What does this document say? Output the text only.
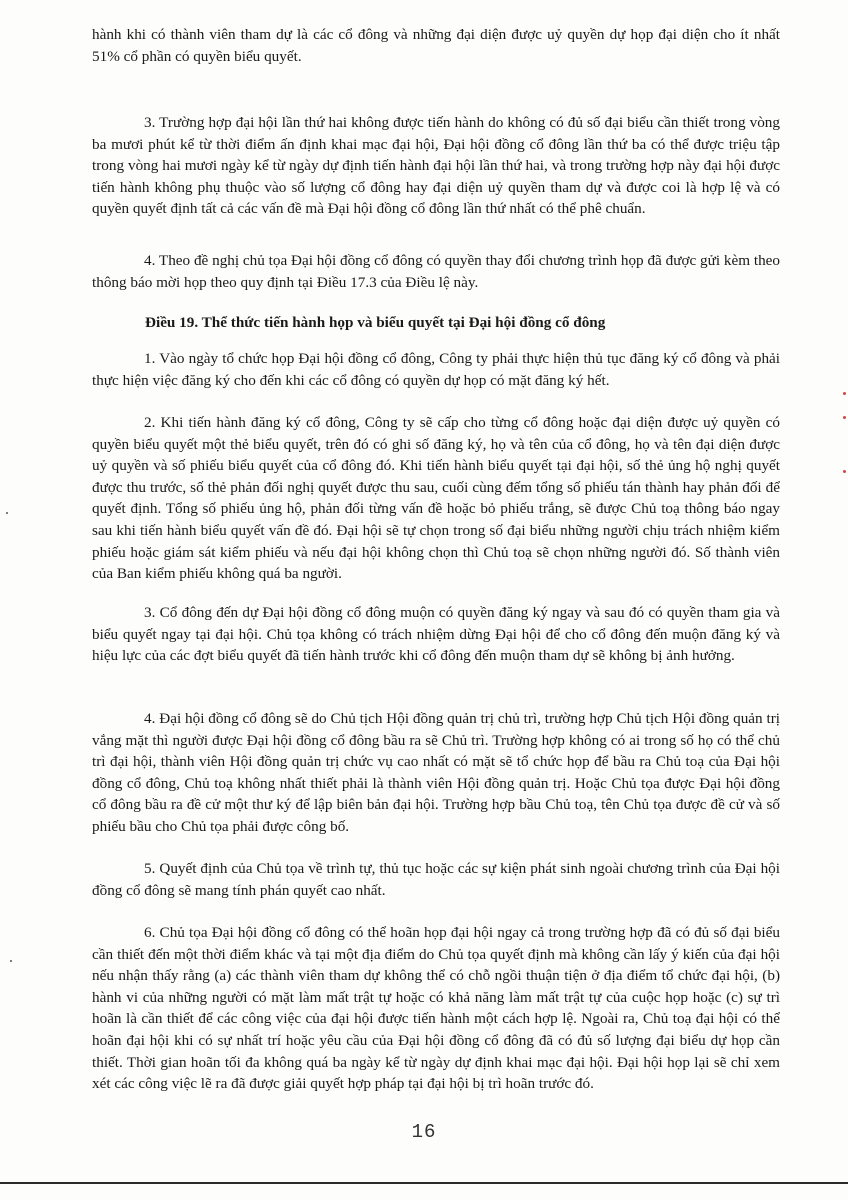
hành khi có thành viên tham dự là các cổ đông và những đại diện được uỷ quyền dự họp đại diện cho ít nhất 51% cổ phần có quyền biểu quyết.

3. Trường hợp đại hội lần thứ hai không được tiến hành do không có đủ số đại biểu cần thiết trong vòng ba mươi phút kể từ thời điểm ấn định khai mạc đại hội, Đại hội đồng cổ đông lần thứ ba có thể được triệu tập trong vòng hai mươi ngày kể từ ngày dự định tiến hành đại hội lần thứ hai, và trong trường hợp này đại hội được tiến hành không phụ thuộc vào số lượng cổ đông hay đại diện uỷ quyền tham dự và được coi là hợp lệ và có quyền quyết định tất cả các vấn đề mà Đại hội đồng cổ đông lần thứ nhất có thể phê chuẩn.

4. Theo đề nghị chủ tọa Đại hội đồng cổ đông có quyền thay đổi chương trình họp đã được gửi kèm theo thông báo mời họp theo quy định tại Điều 17.3 của Điều lệ này.

Điều 19. Thể thức tiến hành họp và biểu quyết tại Đại hội đồng cổ đông

1. Vào ngày tổ chức họp Đại hội đồng cổ đông, Công ty phải thực hiện thủ tục đăng ký cổ đông và phải thực hiện việc đăng ký cho đến khi các cổ đông có quyền dự họp có mặt đăng ký hết.

2. Khi tiến hành đăng ký cổ đông, Công ty sẽ cấp cho từng cổ đông hoặc đại diện được uỷ quyền có quyền biểu quyết một thẻ biểu quyết, trên đó có ghi số đăng ký, họ và tên của cổ đông, họ và tên đại diện được uỷ quyền và số phiếu biểu quyết của cổ đông đó. Khi tiến hành biểu quyết tại đại hội, số thẻ ủng hộ nghị quyết được thu trước, số thẻ phản đối nghị quyết được thu sau, cuối cùng đếm tổng số phiếu tán thành hay phản đối để quyết định. Tổng số phiếu ủng hộ, phản đối từng vấn đề hoặc bỏ phiếu trắng, sẽ được Chủ toạ thông báo ngay sau khi tiến hành biểu quyết vấn đề đó. Đại hội sẽ tự chọn trong số đại biểu những người chịu trách nhiệm kiểm phiếu hoặc giám sát kiểm phiếu và nếu đại hội không chọn thì Chủ toạ sẽ chọn những người đó. Số thành viên của Ban kiểm phiếu không quá ba người.

3. Cổ đông đến dự Đại hội đồng cổ đông muộn có quyền đăng ký ngay và sau đó có quyền tham gia và biểu quyết ngay tại đại hội. Chủ tọa không có trách nhiệm dừng Đại hội để cho cổ đông đến muộn đăng ký và hiệu lực của các đợt biểu quyết đã tiến hành trước khi cổ đông đến muộn tham dự sẽ không bị ảnh hưởng.

4. Đại hội đồng cổ đông sẽ do Chủ tịch Hội đồng quản trị chủ trì, trường hợp Chủ tịch Hội đồng quản trị vắng mặt thì người được Đại hội đồng cổ đông bầu ra sẽ Chủ trì. Trường hợp không có ai trong số họ có thể chủ trì đại hội, thành viên Hội đồng quản trị chức vụ cao nhất có mặt sẽ tổ chức họp để bầu ra Chủ toạ của Đại hội đồng cổ đông, Chủ toạ không nhất thiết phải là thành viên Hội đồng quản trị. Hoặc Chủ tọa được Đại hội đồng cổ đông bầu ra đề cử một thư ký để lập biên bản đại hội. Trường hợp bầu Chủ toạ, tên Chủ tọa được đề cử và số phiếu bầu cho Chủ tọa phải được công bố.

5. Quyết định của Chủ tọa về trình tự, thủ tục hoặc các sự kiện phát sinh ngoài chương trình của Đại hội đồng cổ đông sẽ mang tính phán quyết cao nhất.

6. Chủ tọa Đại hội đồng cổ đông có thể hoãn họp đại hội ngay cả trong trường hợp đã có đủ số đại biểu cần thiết đến một thời điểm khác và tại một địa điểm do Chủ tọa quyết định mà không cần lấy ý kiến của đại hội nếu nhận thấy rằng (a) các thành viên tham dự không thể có chỗ ngồi thuận tiện ở địa điểm tổ chức đại hội, (b) hành vi của những người có mặt làm mất trật tự hoặc có khả năng làm mất trật tự của cuộc họp hoặc (c) sự trì hoãn là cần thiết để các công việc của đại hội được tiến hành một cách hợp lệ. Ngoài ra, Chủ toạ đại hội có thể hoãn đại hội khi có sự nhất trí hoặc yêu cầu của Đại hội đồng cổ đông đã có đủ số lượng đại biểu dự họp cần thiết. Thời gian hoãn tối đa không quá ba ngày kể từ ngày dự định khai mạc đại hội. Đại hội họp lại sẽ chỉ xem xét các công việc lẽ ra đã được giải quyết hợp pháp tại đại hội bị trì hoãn trước đó.

16
